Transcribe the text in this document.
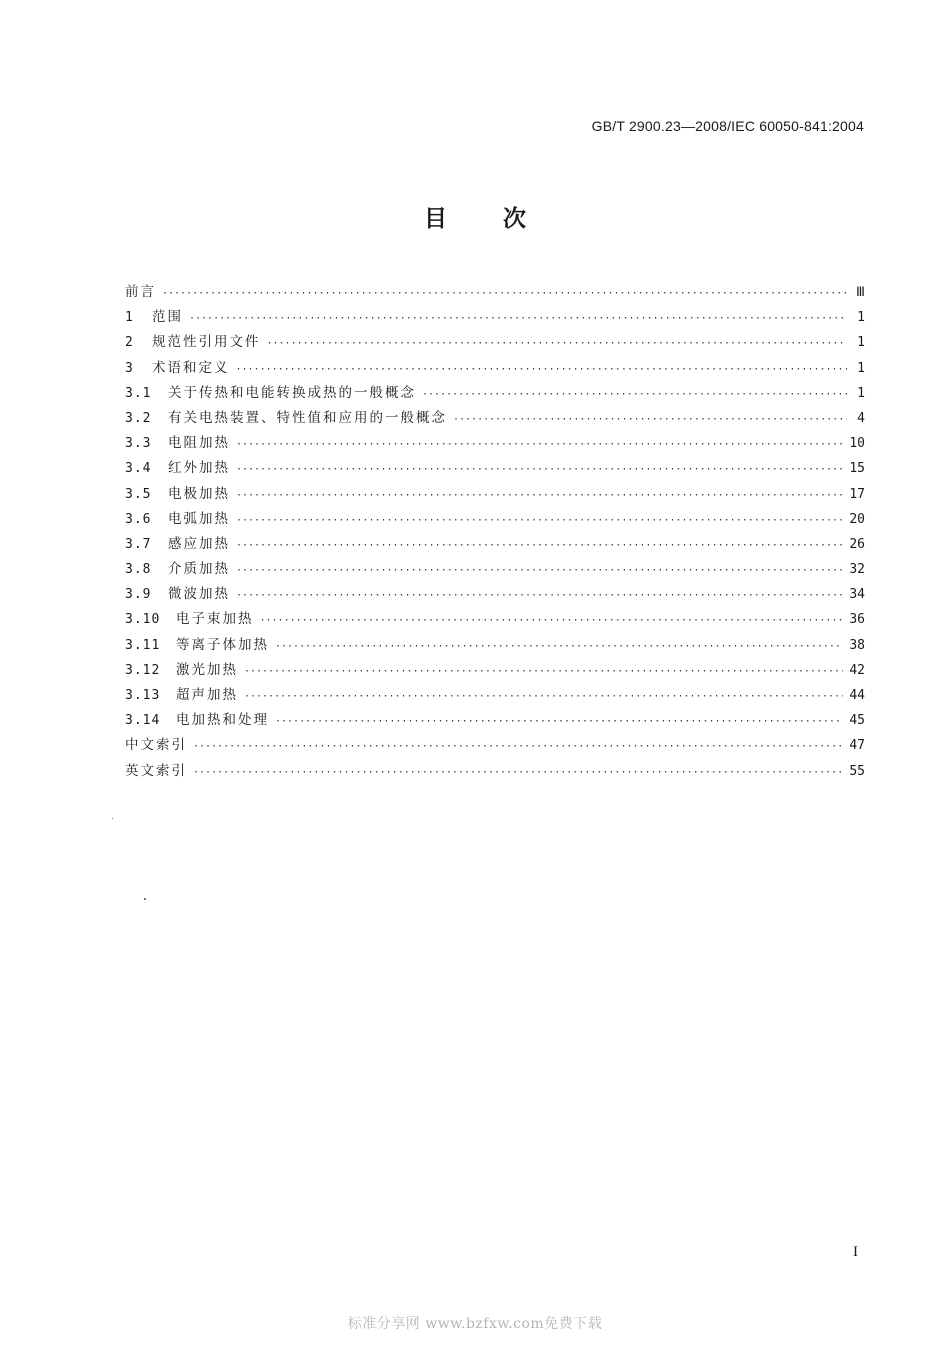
GB/T 2900.23—2008/IEC 60050-841:2004
目次
前言 ·····	Ⅲ
1	范围 ·····	1
2	规范性引用文件 ·····	1
3	术语和定义 ·····	1
3.1	关于传热和电能转换成热的一般概念 ·····	1
3.2	有关电热装置、特性值和应用的一般概念 ·····	4
3.3	电阻加热 ·····	10
3.4	红外加热 ·····	15
3.5	电极加热 ·····	17
3.6	电弧加热 ·····	20
3.7	感应加热 ·····	26
3.8	介质加热 ·····	32
3.9	微波加热 ·····	34
3.10	电子束加热 ·····	36
3.11	等离子体加热 ·····	38
3.12	激光加热 ·····	42
3.13	超声加热 ·····	44
3.14	电加热和处理 ·····	45
中文索引 ·····	47
英文索引 ·····	55
I
标准分享网 www.bzfxw.com免费下载
